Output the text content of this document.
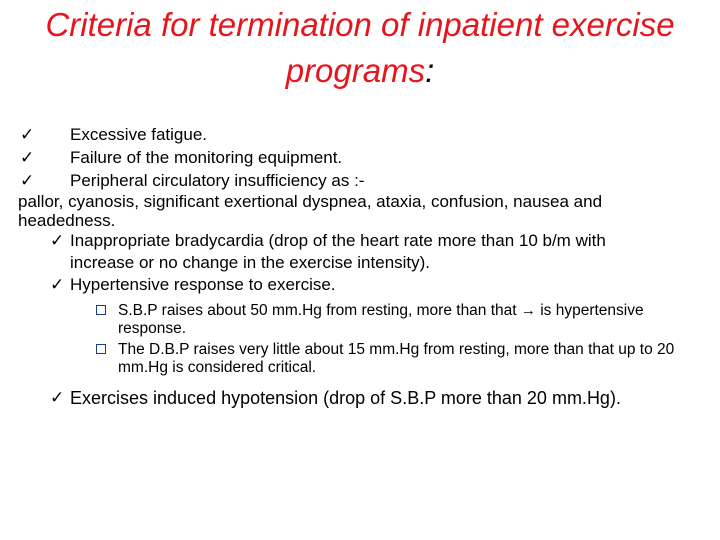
Criteria for termination of inpatient exercise programs:
✓ Excessive fatigue.
✓ Failure of the monitoring equipment.
✓ Peripheral circulatory insufficiency as :-
pallor, cyanosis, significant exertional dyspnea, ataxia, confusion, nausea and headedness.
✓ Inappropriate bradycardia (drop of the heart rate more than 10 b/m with increase or no change in the exercise intensity).
✓ Hypertensive response to exercise.
S.B.P raises about 50 mm.Hg from resting, more than that → is hypertensive response.
The D.B.P raises very little about 15 mm.Hg from resting, more than that up to 20 mm.Hg is considered critical.
✓ Exercises induced hypotension (drop of S.B.P more than 20 mm.Hg).
